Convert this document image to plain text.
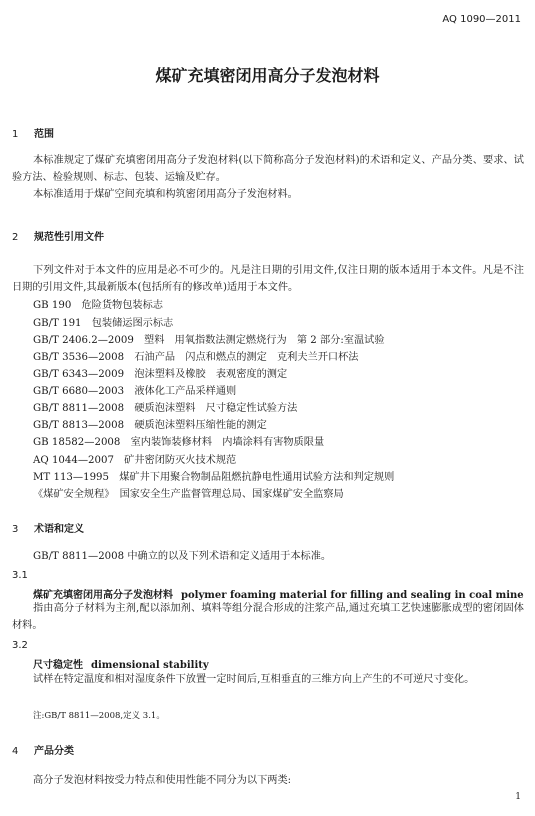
AQ 1090—2011
煤矿充填密闭用高分子发泡材料
1 范围
本标准规定了煤矿充填密闭用高分子发泡材料(以下简称高分子发泡材料)的术语和定义、产品分类、要求、试验方法、检验规则、标志、包装、运输及贮存。
本标准适用于煤矿空间充填和构筑密闭用高分子发泡材料。
2 规范性引用文件
下列文件对于本文件的应用是必不可少的。凡是注日期的引用文件,仅注日期的版本适用于本文件。凡是不注日期的引用文件,其最新版本(包括所有的修改单)适用于本文件。
GB 190　危险货物包装标志
GB/T 191　包装储运图示标志
GB/T 2406.2—2009　塑料　用氧指数法测定燃烧行为　第 2 部分:室温试验
GB/T 3536—2008　石油产品　闪点和燃点的测定　克利夫兰开口杯法
GB/T 6343—2009　泡沫塑料及橡胶　表观密度的测定
GB/T 6680—2003　液体化工产品采样通则
GB/T 8811—2008　硬质泡沫塑料　尺寸稳定性试验方法
GB/T 8813—2008　硬质泡沫塑料压缩性能的测定
GB 18582—2008　室内装饰装修材料　内墙涂料有害物质限量
AQ 1044—2007　矿井密闭防灭火技术规范
MT 113—1995　煤矿井下用聚合物制品阻燃抗静电性通用试验方法和判定规则
《煤矿安全规程》　国家安全生产监督管理总局、国家煤矿安全监察局
3 术语和定义
GB/T 8811—2008 中确立的以及下列术语和定义适用于本标准。
3.1
煤矿充填密闭用高分子发泡材料 polymer foaming material for filling and sealing in coal mine
指由高分子材料为主剂,配以添加剂、填料等组分混合形成的注浆产品,通过充填工艺快速膨胀成型的密闭固体材料。
3.2
尺寸稳定性 dimensional stability
试样在特定温度和相对湿度条件下放置一定时间后,互相垂直的三维方向上产生的不可逆尺寸变化。
注:GB/T 8811—2008,定义 3.1。
4 产品分类
高分子发泡材料按受力特点和使用性能不同分为以下两类:
1
